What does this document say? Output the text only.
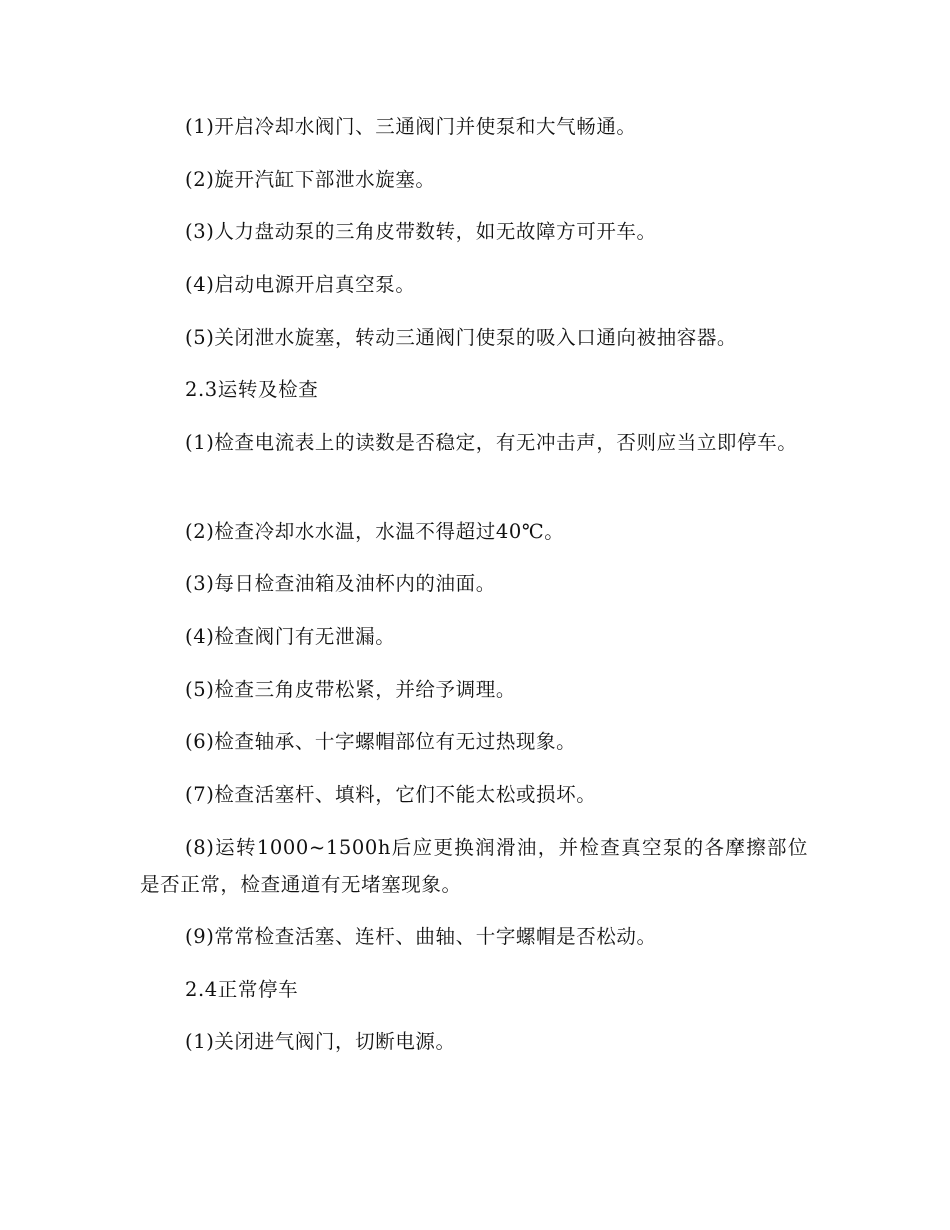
(1)开启冷却水阀门、三通阀门并使泵和大气畅通。

(2)旋开汽缸下部泄水旋塞。

(3)人力盘动泵的三角皮带数转，如无故障方可开车。

(4)启动电源开启真空泵。

(5)关闭泄水旋塞，转动三通阀门使泵的吸入口通向被抽容器。

2.3运转及检查

(1)检查电流表上的读数是否稳定，有无冲击声，否则应当立即停车。

(2)检查冷却水水温，水温不得超过40℃。

(3)每日检查油箱及油杯内的油面。

(4)检查阀门有无泄漏。

(5)检查三角皮带松紧，并给予调理。

(6)检查轴承、十字螺帽部位有无过热现象。

(7)检查活塞杆、填料，它们不能太松或损坏。

(8)运转1000~1500h后应更换润滑油，并检查真空泵的各摩擦部位是否正常，检查通道有无堵塞现象。

(9)常常检查活塞、连杆、曲轴、十字螺帽是否松动。

2.4正常停车

(1)关闭进气阀门，切断电源。
